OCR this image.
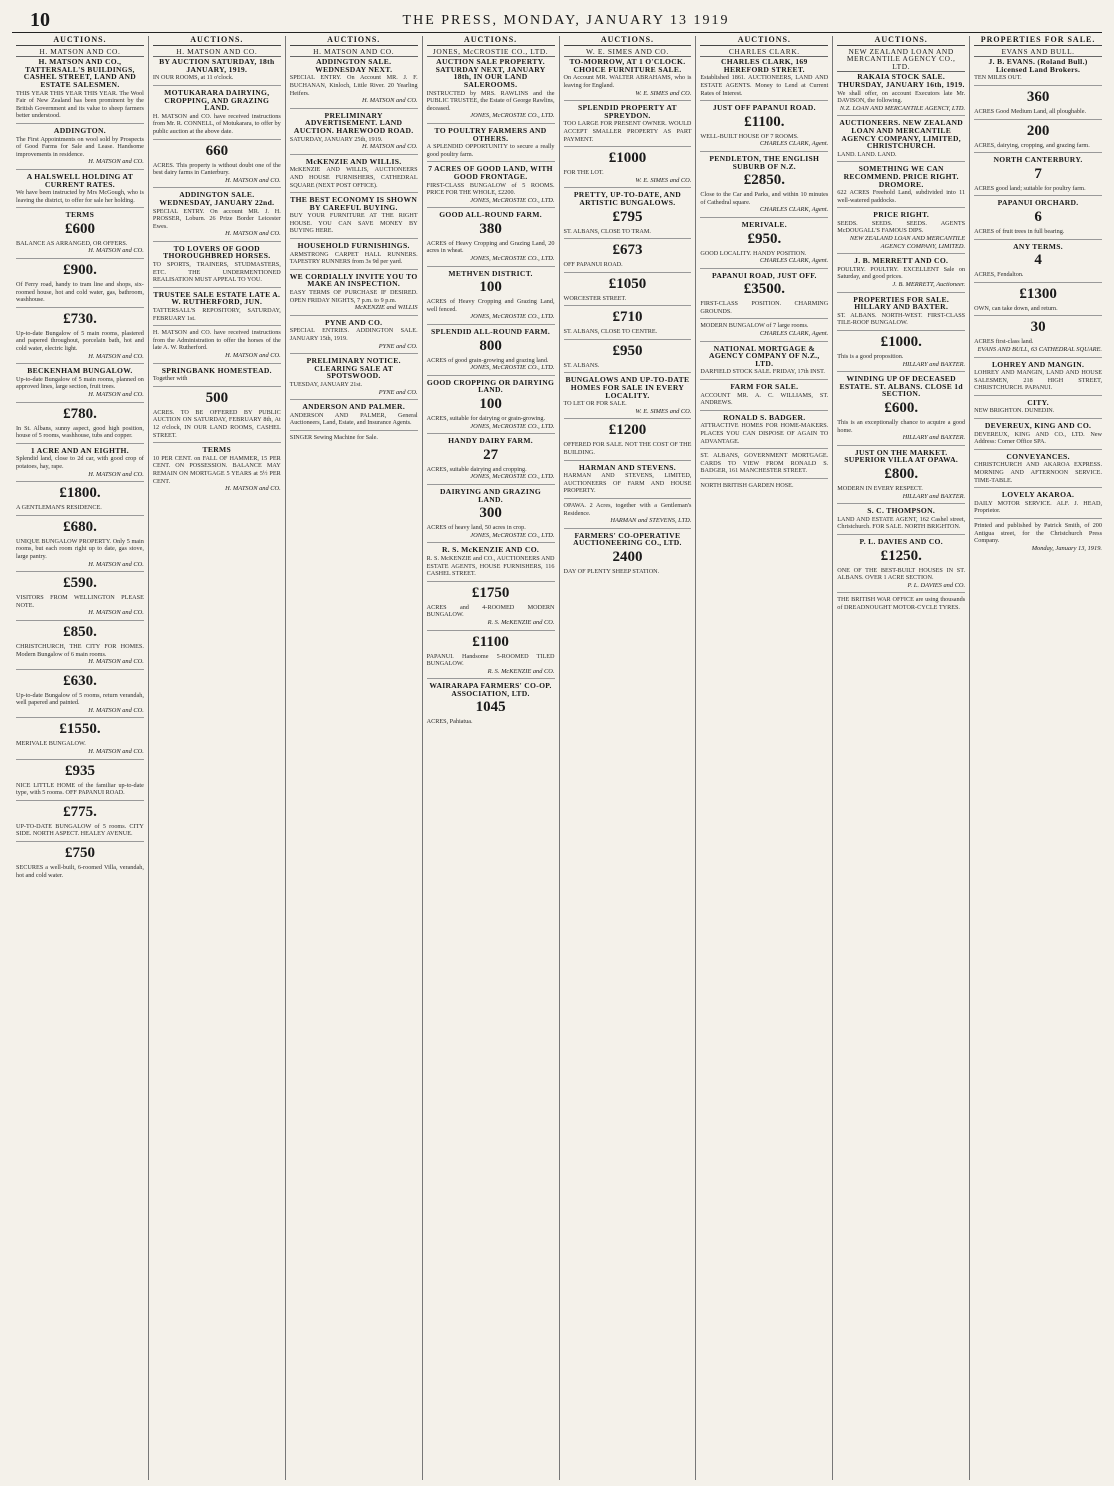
10	THE PRESS, MONDAY, JANUARY 13 1919
AUCTIONS.
H. MATSON AND CO.
H. MATSON AND CO., TATTERSALL'S BUILDINGS, CASHEL STREET, LAND AND ESTATE SALESMEN.
THIS YEAR THIS YEAR THIS YEAR. The Wool Fair of New Zealand has been prominent by the British Government and its value to sheep farmers better understood.
ADDINGTON.
The First Appointments on wool sold by Prospects of Good Farms for Sale and Lease. Handsome improvements in residence.
H. MATSON and CO.
A HALSWELL HOLDING AT CURRENT RATES.
We have been instructed by Mrs McGough, who is leaving the district, to offer for sale her holding.
TERMS
£600
BALANCE AS ARRANGED, OR OFFERS.
H. MATSON and CO.
£900.
Of Ferry road, handy to tram line and shops, six-roomed house, hot and cold water, gas, bathroom, washhouse.
£730.
Up-to-date Bungalow of 5 main rooms, plastered and papered throughout, porcelain bath, hot and cold water, electric light.
H. MATSON and CO.
BECKENHAM BUNGALOW.
Up-to-date Bungalow of 5 main rooms, planned on approved lines, large section, fruit trees.
H. MATSON and CO.
£780.
In St. Albans, sunny aspect, good high position, house of 5 rooms, washhouse, tubs and copper.
1 ACRE AND AN EIGHTH.
Splendid land, close to 2d car, with good crop of potatoes, hay, rape.
H. MATSON and CO.
£1800.
A GENTLEMAN'S RESIDENCE.
£680.
UNIQUE BUNGALOW PROPERTY. Only 5 main rooms, but each room right up to date, gas stove, large pantry.
H. MATSON and CO.
£590.
VISITORS FROM WELLINGTON PLEASE NOTE.
H. MATSON and CO.
£850.
CHRISTCHURCH, THE CITY FOR HOMES. Modern Bungalow of 6 main rooms.
H. MATSON and CO.
£630.
Up-to-date Bungalow of 5 rooms, return verandah, well papered and painted.
H. MATSON and CO.
£1550.
MERIVALE BUNGALOW.
H. MATSON and CO.
£935
NICE LITTLE HOME of the familiar up-to-date type, with 5 rooms. OFF PAPANUI ROAD.
£775.
UP-TO-DATE BUNGALOW of 5 rooms. CITY SIDE. NORTH ASPECT. HEALEY AVENUE.
£750
SECURES a well-built, 6-roomed Villa, verandah, hot and cold water.
AUCTIONS.
H. MATSON AND CO.
BY AUCTION SATURDAY, 18th JANUARY, 1919.
IN OUR ROOMS, at 11 o'clock.
MOTUKARARA DAIRYING, CROPPING, AND GRAZING LAND.
H. MATSON and CO. have received instructions from Mr. R. CONNELL, of Motukarara, to offer by public auction at the above date.
660
ACRES. This property is without doubt one of the best dairy farms in Canterbury.
H. MATSON and CO.
ADDINGTON SALE. WEDNESDAY, JANUARY 22nd.
SPECIAL ENTRY. On account MR. J. H. PROSSER, Loburn. 26 Prize Border Leicester Ewes.
H. MATSON and CO.
TO LOVERS OF GOOD THOROUGHBRED HORSES.
TO SPORTS, TRAINERS, STUDMASTERS, ETC. THE UNDERMENTIONED REALISATION MUST APPEAL TO YOU.
TRUSTEE SALE ESTATE LATE A. W. RUTHERFORD, JUN.
TATTERSALL'S REPOSITORY, SATURDAY, FEBRUARY 1st.
H. MATSON and CO. have received instructions from the Administration to offer the horses of the late A. W. Rutherford.
H. MATSON and CO.
SPRINGBANK HOMESTEAD.
Together with
500
ACRES. TO BE OFFERED BY PUBLIC AUCTION ON SATURDAY, FEBRUARY 8th, At 12 o'clock, IN OUR LAND ROOMS, CASHEL STREET.
TERMS
10 PER CENT. on FALL OF HAMMER, 15 PER CENT. ON POSSESSION. BALANCE MAY REMAIN ON MORTGAGE 5 YEARS at 5½ PER CENT.
H. MATSON and CO.
AUCTIONS.
H. MATSON AND CO.
ADDINGTON SALE. WEDNESDAY NEXT.
SPECIAL ENTRY. On Account MR. J. F. BUCHANAN, Kinloch, Little River. 20 Yearling Heifers.
H. MATSON and CO.
PRELIMINARY ADVERTISEMENT. LAND AUCTION. HAREWOOD ROAD.
SATURDAY, JANUARY 25th, 1919.
H. MATSON and CO.
McKENZIE AND WILLIS.
McKENZIE AND WILLIS, AUCTIONEERS AND HOUSE FURNISHERS, CATHEDRAL SQUARE (NEXT POST OFFICE).
THE BEST ECONOMY IS SHOWN BY CAREFUL BUYING.
BUY YOUR FURNITURE AT THE RIGHT HOUSE. YOU CAN SAVE MONEY BY BUYING HERE.
HOUSEHOLD FURNISHINGS.
ARMSTRONG CARPET HALL RUNNERS. TAPESTRY RUNNERS from 3s 9d per yard.
WE CORDIALLY INVITE YOU TO MAKE AN INSPECTION.
EASY TERMS OF PURCHASE IF DESIRED. OPEN FRIDAY NIGHTS, 7 p.m. to 9 p.m.
McKENZIE and WILLIS
PYNE AND CO.
SPECIAL ENTRIES. ADDINGTON SALE. JANUARY 15th, 1919.
PYNE and CO.
PRELIMINARY NOTICE. CLEARING SALE AT SPOTSWOOD.
TUESDAY, JANUARY 21st.
PYNE and CO.
ANDERSON AND PALMER.
ANDERSON AND PALMER, General Auctioneers, Land, Estate, and Insurance Agents.
SINGER Sewing Machine for Sale.
AUCTIONS.
JONES, McCROSTIE CO., LTD.
AUCTION SALE PROPERTY. SATURDAY NEXT, JANUARY 18th, IN OUR LAND SALEROOMS.
INSTRUCTED by MRS. RAWLINS and the PUBLIC TRUSTEE, the Estate of George Rawlins, deceased.
JONES, McCROSTIE CO., LTD.
TO POULTRY FARMERS AND OTHERS.
A SPLENDID OPPORTUNITY to secure a really good poultry farm.
7 ACRES OF GOOD LAND, WITH GOOD FRONTAGE.
FIRST-CLASS BUNGALOW of 5 ROOMS. PRICE FOR THE WHOLE, £2200.
JONES, McCROSTIE CO., LTD.
GOOD ALL-ROUND FARM.
380
ACRES of Heavy Cropping and Grazing Land, 20 acres in wheat.
JONES, McCROSTIE CO., LTD.
METHVEN DISTRICT.
100
ACRES of Heavy Cropping and Grazing Land, well fenced.
JONES, McCROSTIE CO., LTD.
SPLENDID ALL-ROUND FARM.
800
ACRES of good grain-growing and grazing land.
JONES, McCROSTIE CO., LTD.
GOOD CROPPING OR DAIRYING LAND.
100
ACRES, suitable for dairying or grain-growing.
JONES, McCROSTIE CO., LTD.
HANDY DAIRY FARM.
27
ACRES, suitable dairying and cropping.
JONES, McCROSTIE CO., LTD.
DAIRYING AND GRAZING LAND.
300
ACRES of heavy land, 50 acres in crop.
JONES, McCROSTIE CO., LTD.
R. S. McKENZIE AND CO.
R. S. McKENZIE and CO., AUCTIONEERS AND ESTATE AGENTS, HOUSE FURNISHERS, 116 CASHEL STREET.
£1750
ACRES and 4-ROOMED MODERN BUNGALOW.
R. S. McKENZIE and CO.
£1100
PAPANUI. Handsome 5-ROOMED TILED BUNGALOW.
R. S. McKENZIE and CO.
WAIRARAPA FARMERS' CO-OP. ASSOCIATION, LTD.
1045
ACRES, Pahiatua.
AUCTIONS.
W. E. SIMES AND CO.
TO-MORROW, AT 1 O'CLOCK. CHOICE FURNITURE SALE.
On Account MR. WALTER ABRAHAMS, who is leaving for England.
W. E. SIMES and CO.
SPLENDID PROPERTY AT SPREYDON.
TOO LARGE FOR PRESENT OWNER. WOULD ACCEPT SMALLER PROPERTY AS PART PAYMENT.
£1000
FOR THE LOT.
W. E. SIMES and CO.
PRETTY, UP-TO-DATE, AND ARTISTIC BUNGALOWS.
£795
ST. ALBANS, CLOSE TO TRAM.
£673
OFF PAPANUI ROAD.
£1050
WORCESTER STREET.
£710
ST. ALBANS, CLOSE TO CENTRE.
£950
ST. ALBANS.
BUNGALOWS AND UP-TO-DATE HOMES FOR SALE IN EVERY LOCALITY.
TO LET OR FOR SALE.
W. E. SIMES and CO.
£1200
OFFERED FOR SALE. NOT THE COST OF THE BUILDING.
HARMAN AND STEVENS.
HARMAN AND STEVENS, LIMITED, AUCTIONEERS OF FARM AND HOUSE PROPERTY.
OPAWA. 2 Acres, together with a Gentleman's Residence.
HARMAN and STEVENS, LTD.
FARMERS' CO-OPERATIVE AUCTIONEERING CO., LTD.
2400
DAY OF PLENTY SHEEP STATION.
AUCTIONS.
CHARLES CLARK.
CHARLES CLARK, 169 HEREFORD STREET.
Established 1861. AUCTIONEERS, LAND AND ESTATE AGENTS. Money to Lend at Current Rates of Interest.
JUST OFF PAPANUI ROAD.
£1100.
WELL-BUILT HOUSE OF 7 ROOMS.
CHARLES CLARK, Agent.
PENDLETON, THE ENGLISH SUBURB OF N.Z.
£2850.
Close to the Car and Parks, and within 10 minutes of Cathedral square.
CHARLES CLARK, Agent.
MERIVALE.
£950.
GOOD LOCALITY. HANDY POSITION.
CHARLES CLARK, Agent.
PAPANUI ROAD, JUST OFF.
£3500.
FIRST-CLASS POSITION. CHARMING GROUNDS.
MODERN BUNGALOW of 7 large rooms.
CHARLES CLARK, Agent.
NATIONAL MORTGAGE & AGENCY COMPANY OF N.Z., LTD.
DARFIELD STOCK SALE. FRIDAY, 17th INST.
FARM FOR SALE.
ACCOUNT MR. A. C. WILLIAMS, ST. ANDREWS.
RONALD S. BADGER.
ATTRACTIVE HOMES FOR HOME-MAKERS. PLACES YOU CAN DISPOSE OF AGAIN TO ADVANTAGE.
ST. ALBANS, GOVERNMENT MORTGAGE. CARDS TO VIEW FROM RONALD S. BADGER, 161 MANCHESTER STREET.
NORTH BRITISH GARDEN HOSE.
AUCTIONS.
NEW ZEALAND LOAN AND MERCANTILE AGENCY CO., LTD.
RAKAIA STOCK SALE. THURSDAY, JANUARY 16th, 1919.
We shall offer, on account Executors late Mr. DAVISON, the following.
N.Z. LOAN AND MERCANTILE AGENCY, LTD.
AUCTIONEERS. NEW ZEALAND LOAN AND MERCANTILE AGENCY COMPANY, LIMITED, CHRISTCHURCH.
LAND. LAND. LAND.
SOMETHING WE CAN RECOMMEND. PRICE RIGHT. DROMORE.
622 ACRES Freehold Land, subdivided into 11 well-watered paddocks.
PRICE RIGHT.
SEEDS. SEEDS. SEEDS. AGENTS McDOUGALL'S FAMOUS DIPS.
NEW ZEALAND LOAN AND MERCANTILE AGENCY COMPANY, LIMITED.
J. B. MERRETT AND CO.
POULTRY. POULTRY. EXCELLENT Sale on Saturday, and good prices.
J. B. MERRETT, Auctioneer.
PROPERTIES FOR SALE. HILLARY AND BAXTER.
ST. ALBANS. NORTH-WEST. FIRST-CLASS TILE-ROOF BUNGALOW.
£1000.
This is a good proposition.
HILLARY and BAXTER.
WINDING UP OF DECEASED ESTATE. ST. ALBANS. CLOSE 1d SECTION.
£600.
This is an exceptionally chance to acquire a good home.
HILLARY and BAXTER.
JUST ON THE MARKET. SUPERIOR VILLA AT OPAWA.
£800.
MODERN IN EVERY RESPECT.
HILLARY and BAXTER.
S. C. THOMPSON.
LAND AND ESTATE AGENT, 162 Cashel street, Christchurch. FOR SALE. NORTH BRIGHTON.
P. L. DAVIES AND CO.
£1250.
ONE OF THE BEST-BUILT HOUSES IN ST. ALBANS. OVER 1 ACRE SECTION.
P. L. DAVIES and CO.
THE BRITISH WAR OFFICE are using thousands of DREADNOUGHT MOTOR-CYCLE TYRES.
PROPERTIES FOR SALE.
EVANS AND BULL.
J. B. EVANS. (Roland Bull.) Licensed Land Brokers.
TEN MILES OUT.
360
ACRES Good Medium Land, all ploughable.
200
ACRES, dairying, cropping, and grazing farm.
NORTH CANTERBURY.
7
ACRES good land; suitable for poultry farm.
PAPANUI ORCHARD.
6
ACRES of fruit trees in full bearing.
ANY TERMS.
4
ACRES, Fendalton.
£1300
OWN, can take down, and return.
30
ACRES first-class land.
EVANS AND BULL, 63 CATHEDRAL SQUARE.
LOHREY AND MANGIN.
LOHREY AND MANGIN, LAND AND HOUSE SALESMEN, 218 HIGH STREET, CHRISTCHURCH. PAPANUI.
CITY.
NEW BRIGHTON. DUNEDIN.
DEVEREUX, KING AND CO.
DEVEREUX, KING AND CO., LTD. New Address: Corner Office SPA.
CONVEYANCES.
CHRISTCHURCH AND AKAROA EXPRESS. MORNING AND AFTERNOON SERVICE. TIME-TABLE.
LOVELY AKAROA.
DAILY MOTOR SERVICE. ALF. J. HEAD, Proprietor.
Printed and published by Patrick Smith, of 200 Antigua street, for the Christchurch Press Company.
Monday, January 13, 1919.
